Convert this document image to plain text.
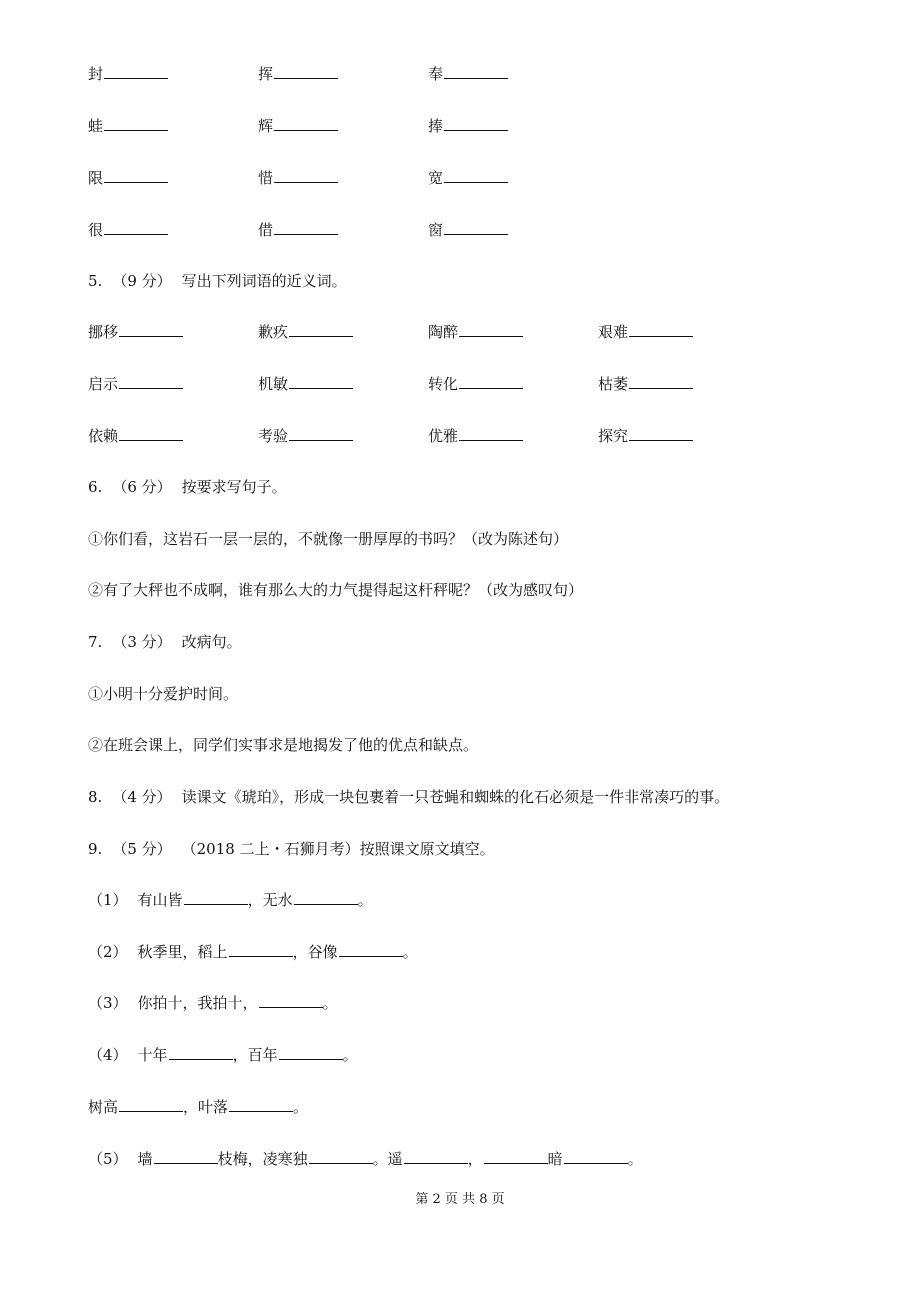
封	挥	奉
蛙	辉	捧
限	惜	宽
很	借	窗
5. （9 分） 写出下列词语的近义词。
挪移	歉疚	陶醉	艰难
启示	机敏	转化	枯萎
依赖	考验	优雅	探究
6. （6 分） 按要求写句子。
①你们看，这岩石一层一层的，不就像一册厚厚的书吗？（改为陈述句）
②有了大秤也不成啊，谁有那么大的力气提得起这杆秤呢？（改为感叹句）
7. （3 分） 改病句。
①小明十分爱护时间。
②在班会课上，同学们实事求是地揭发了他的优点和缺点。
8. （4 分） 读课文《琥珀》，形成一块包裹着一只苍蝇和蜘蛛的化石必须是一件非常凑巧的事。
9. （5 分） （2018 二上・石狮月考）按照课文原文填空。
（1） 有山皆	，无水	。
（2） 秋季里，稻上	，谷像	。
（3） 你拍十，我拍十，	。
（4） 十年	，百年	。
树高	，叶落	。
（5） 墙	枝梅，凌寒独	。遥	，	暗	。
第 2 页 共 8 页
